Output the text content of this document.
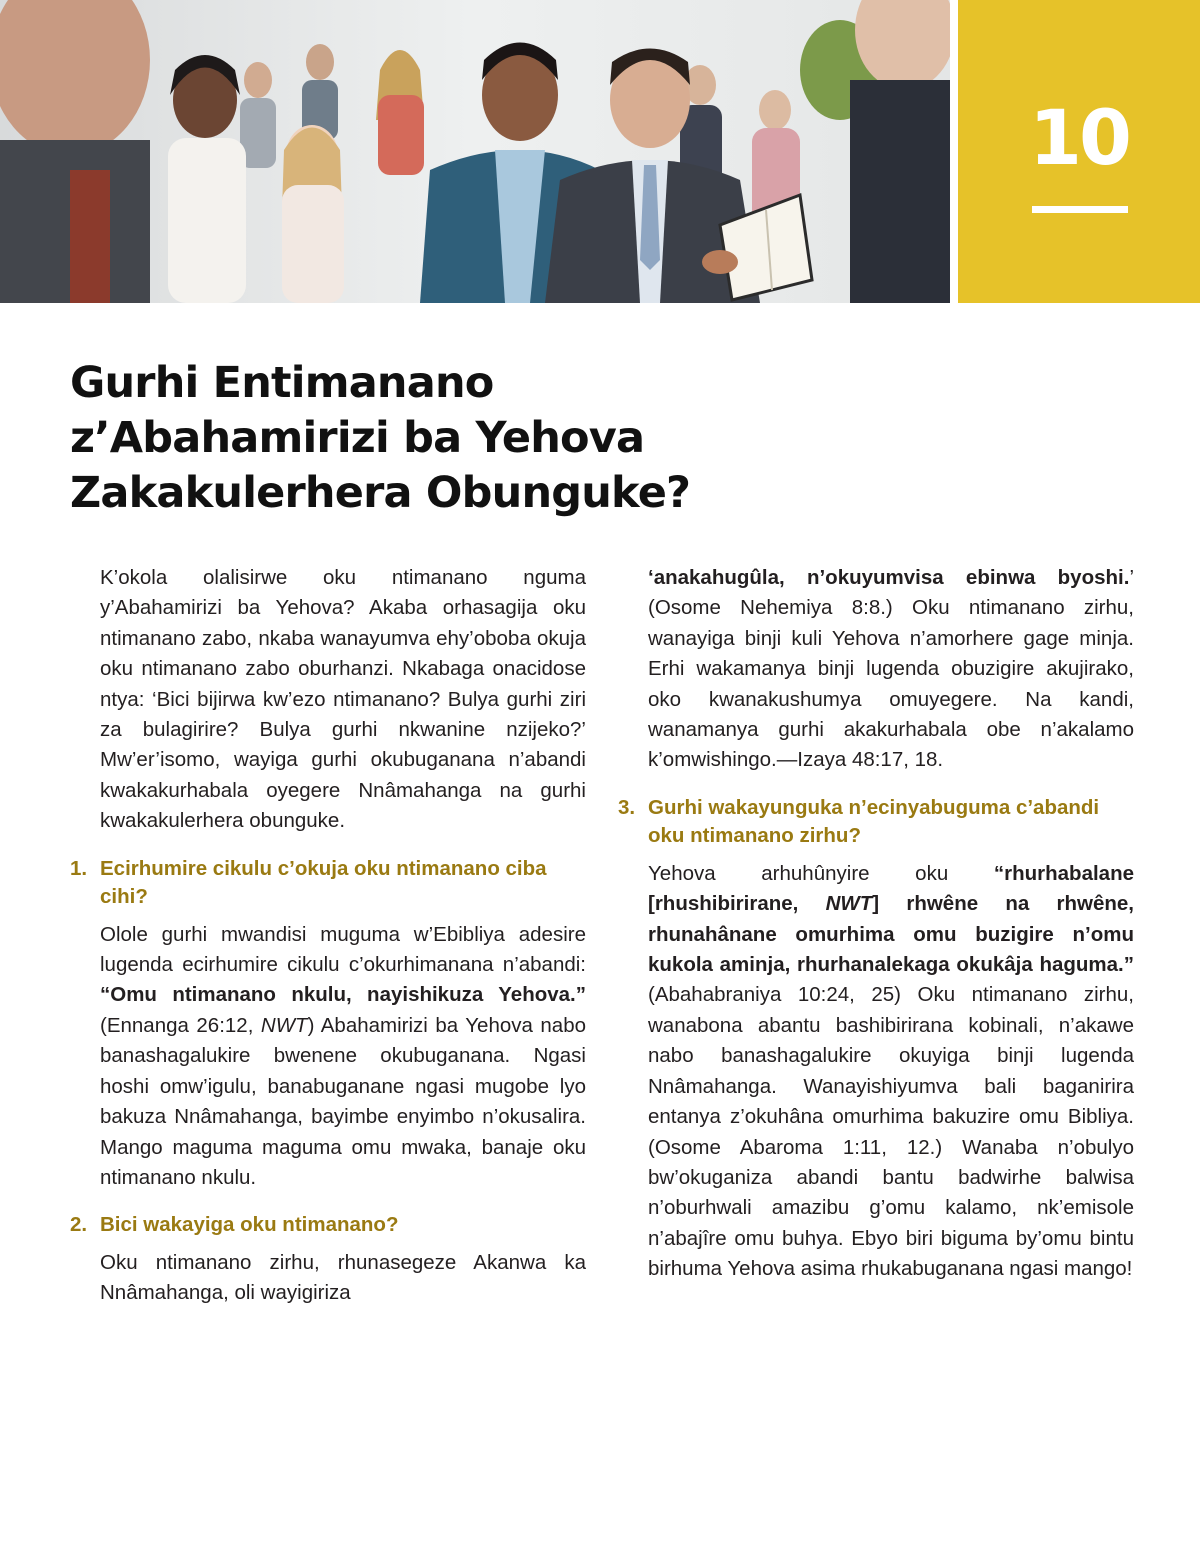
10
Gurhi Entimanano
z’Abahamirizi ba Yehova
Zakakulerhera Obunguke?

K’okola olalisirwe oku ntimanano nguma y’Abahamirizi ba Yehova? Akaba orhasagija oku ntimanano zabo, nkaba wanayumva ehy’oboba okuja oku ntimanano zabo oburhanzi. Nkabaga onacidose ntya: ‘Bici bijirwa kw’ezo ntimanano? Bulya gurhi ziri za bulagirire? Bulya gurhi nkwanine nzijeko?’ Mw’er’isomo, wayiga gurhi okubuganana n’abandi kwakakurhabala oyegere Nnâmahanga na gurhi kwakakulerhera obunguke.

1. Ecirhumire cikulu c’okuja oku ntimanano ciba cihi?

Ololе gurhi mwandisi muguma w’Ebibliya adesire lugenda ecirhumire cikulu c’okurhimanana n’abandi: “Omu ntimanano nkulu, nayishikuza Yehova.” (Ennanga 26:12, NWT) Abahamirizi ba Yehova nabo banashagalukire bwenene okubuganana. Ngasi hoshi omw’igulu, banabuganane ngasi mugobe lyo bakuza Nnâmahanga, bayimbe enyimbo n’okusalira. Mango maguma maguma omu mwaka, banaje oku ntimanano nkulu.

2. Bici wakayiga oku ntimanano?

Oku ntimanano zirhu, rhunasegeze Akanwa ka Nnâmahanga, oli wayigiriza

‘anakahugûla, n’okuyumvisa ebinwa byoshi.’ (Osome Nehemiya 8:8.) Oku ntimanano zirhu, wanayiga binji kuli Yehova n’amorhere gage minja. Erhi wakamanya binji lugenda obuzigire akujirako, oko kwanakushumya omuyegere. Na kandi, wanamanya gurhi akakurhabala obe n’akalamo k’omwishingo.—Izaya 48:17, 18.

3. Gurhi wakayunguka n’ecinyabuguma c’abandi oku ntimanano zirhu?

Yehova arhuhûnyire oku “rhurhabalane [rhushibirirane, NWT] rhwêne na rhwêne, rhunahânane omurhima omu buzigire n’omu kukola aminja, rhurhanalekaga okukâja haguma.” (Abahabraniya 10:24, 25) Oku ntimanano zirhu, wanabona abantu bashibirirana kobinali, n’akawe nabo banashagalukire okuyiga binji lugenda Nnâmahanga. Wanayishiyumva bali baganirira entanya z’okuhâna omurhima bakuzire omu Bibliya. (Osome Abaroma 1:11, 12.) Wanaba n’obulyo bw’okuganiza abandi bantu badwirhe balwisa n’oburhwali amazibu g’omu kalamo, nk’emisole n’abajîre omu buhya. Ebyo biri biguma by’omu bintu birhuma Yehova asima rhukabuganana ngasi mango!
